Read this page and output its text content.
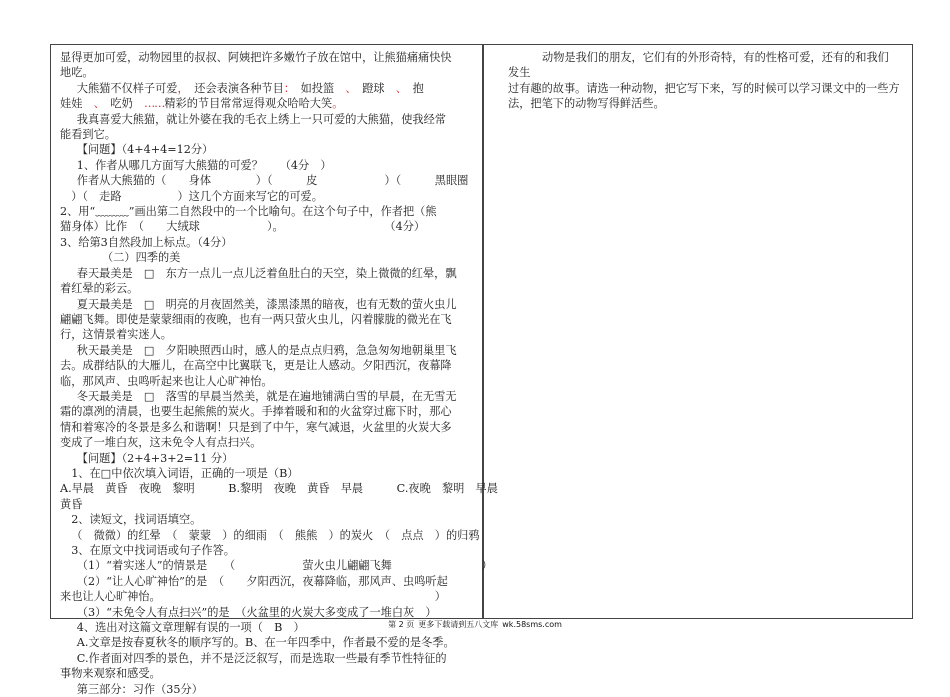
显得更加可爱，动物园里的叔叔、阿姨把许多嫩竹子放在馆中，让熊猫痛痛快快
地吃。
大熊猫不仅样子可爱，　 还会表演各种节目：　 如投篮　 、　 蹬球　 、　 抱
娃娃　 、　 吃奶　 ……精彩的节目常常逗得观众哈哈大笑。
我真喜爱大熊猫，就让外婆在我的毛衣上绣上一只可爱的大熊猫，使我经常
能看到它。
【问题】（4+4+4=12分）
1、作者从哪几方面写大熊猫的可爱？　　（4分　）
作者从大熊猫的（　　身体　　　　）（　　　皮　　　　　　）（　　　黑眼圈
　）（　走路　　　　　）这几个方面来写它的可爱。
2、用“﹏﹏﹏”画出第二自然段中的一个比喻句。在这个句子中，作者把（熊
猫身体）比作　（　　大绒球　　　　　　）。　　　　　　　　　　（4分）
3、给第3自然段加上标点。（4分）
（二）四季的美
春天最美是　□　东方一点儿一点儿泛着鱼肚白的天空，染上微微的红晕，飘
着红晕的彩云。
夏天最美是　□　明亮的月夜固然美，漆黑漆黑的暗夜，也有无数的萤火虫儿
翩翩飞舞。即使是蒙蒙细雨的夜晚，也有一两只萤火虫儿，闪着朦胧的微光在飞
行，这情景着实迷人。
秋天最美是　□　夕阳映照西山时，感人的是点点归鸦，急急匆匆地朝巢里飞
去。成群结队的大雁儿，在高空中比翼联飞，更是让人感动。夕阳西沉，夜幕降
临，那风声、虫鸣听起来也让人心旷神怡。
冬天最美是　□　落雪的早晨当然美，就是在遍地铺满白雪的早晨，在无雪无
霜的凛冽的清晨，也要生起熊熊的炭火。手捧着暖和和的火盆穿过廊下时，那心
情和着寒冷的冬景是多么和谐啊！只是到了中午，寒气减退，火盆里的火炭大多
变成了一堆白灰，这未免令人有点扫兴。
【问题】（2+4+3+2=11 分）
1、在□中依次填入词语，正确的一项是（B）
A.早晨　黄昏　夜晚　黎明　　　B.黎明　夜晚　黄昏　早晨　　　C.夜晚　黎明　早晨
黄昏
2、读短文，找词语填空。
（　微微）的红晕　（　蒙蒙　）的细雨　（　熊熊　）的炭火　（　点点　）的归鸦
3、在原文中找词语或句子作答。
（1）“着实迷人”的情景是　　（　　　　　　萤火虫儿翩翩飞舞　　　　　　　　）
（2）“让人心旷神怡”的是　（　　夕阳西沉，夜幕降临，那风声、虫鸣听起
来也让人心旷神怡。　　　　　　　　　　　　　　　　　　　　　　　　　）
（3）“未免令人有点扫兴”的是　（火盆里的火炭大多变成了一堆白灰　）
4、选出对这篇文章理解有误的一项（　B　）
A.文章是按春夏秋冬的顺序写的。B、在一年四季中，作者最不爱的是冬季。
C.作者面对四季的景色，并不是泛泛叙写，而是选取一些最有季节性特征的
事物来观察和感受。
第三部分：习作（35分）
动物是我们的朋友，它们有的外形奇特，有的性格可爱，还有的和我们
发生
过有趣的故事。请选一种动物，把它写下来，写的时候可以学习课文中的一些方
法，把笔下的动物写得鲜活些。
第 2 页 更多下载请到五八文库 wk.58sms.com
